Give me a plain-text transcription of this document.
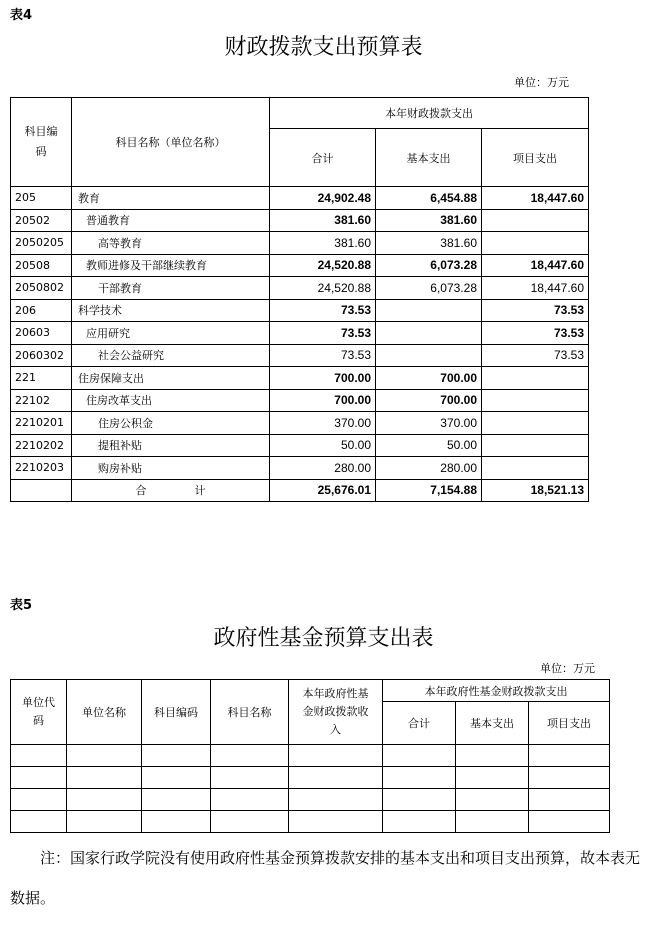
表4
财政拨款支出预算表
单位：万元
科目编
码	科目名称（单位名称）	本年财政拨款支出		
		合计	基本支出	项目支出
205	教育	24,902.48	6,454.88	18,447.60
20502	普通教育	381.60	381.60	
2050205	高等教育	381.60	381.60	
20508	教师进修及干部继续教育	24,520.88	6,073.28	18,447.60
2050802	干部教育	24,520.88	6,073.28	18,447.60
206	科学技术	73.53		73.53
20603	应用研究	73.53		73.53
2060302	社会公益研究	73.53		73.53
221	住房保障支出	700.00	700.00	
22102	住房改革支出	700.00	700.00	
2210201	住房公积金	370.00	370.00	
2210202	提租补贴	50.00	50.00	
2210203	购房补贴	280.00	280.00	
	合 计	25,676.01	7,154.88	18,521.13
表5
政府性基金预算支出表
单位：万元
单位代
码	单位名称	科目编码	科目名称	本年政府性基
金财政拨款收
入	本年政府性基金财政拨款支出		
					合计	基本支出	项目支出

注：国家行政学院没有使用政府性基金预算拨款安排的基本支出和项目支出预算，故本表无数据。
